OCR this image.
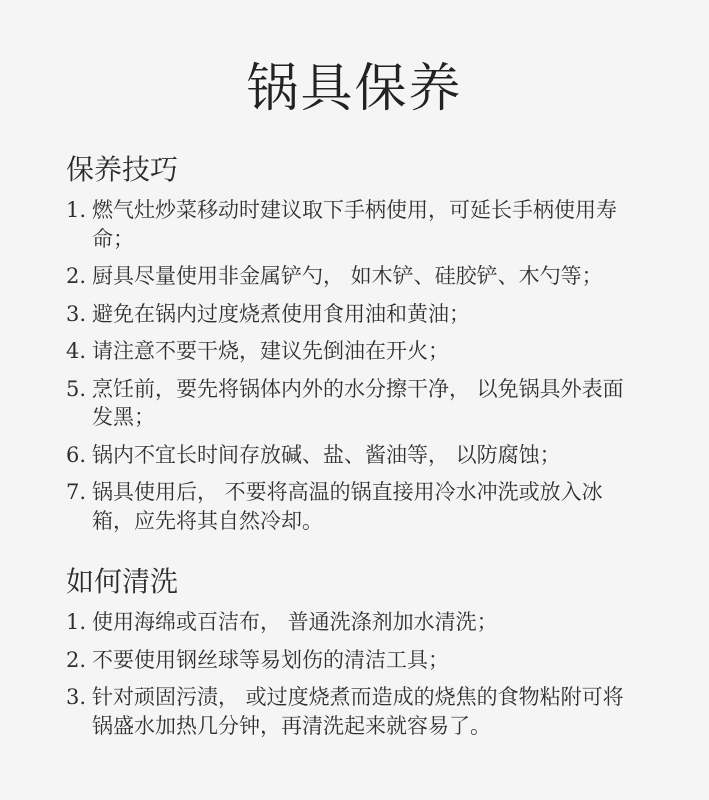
锅具保养
保养技巧
1. 燃气灶炒菜移动时建议取下手柄使用，可延长手柄使用寿命；
2. 厨具尽量使用非金属铲勺， 如木铲、硅胶铲、木勺等；
3. 避免在锅内过度烧煮使用食用油和黄油；
4. 请注意不要干烧，建议先倒油在开火；
5. 烹饪前，要先将锅体内外的水分擦干净， 以免锅具外表面发黑；
6. 锅内不宜长时间存放碱、盐、酱油等， 以防腐蚀；
7. 锅具使用后， 不要将高温的锅直接用冷水冲洗或放入冰箱，应先将其自然冷却。
如何清洗
1. 使用海绵或百洁布， 普通洗涤剂加水清洗；
2. 不要使用钢丝球等易划伤的清洁工具；
3. 针对顽固污渍， 或过度烧煮而造成的烧焦的食物粘附可将锅盛水加热几分钟，再清洗起来就容易了。
